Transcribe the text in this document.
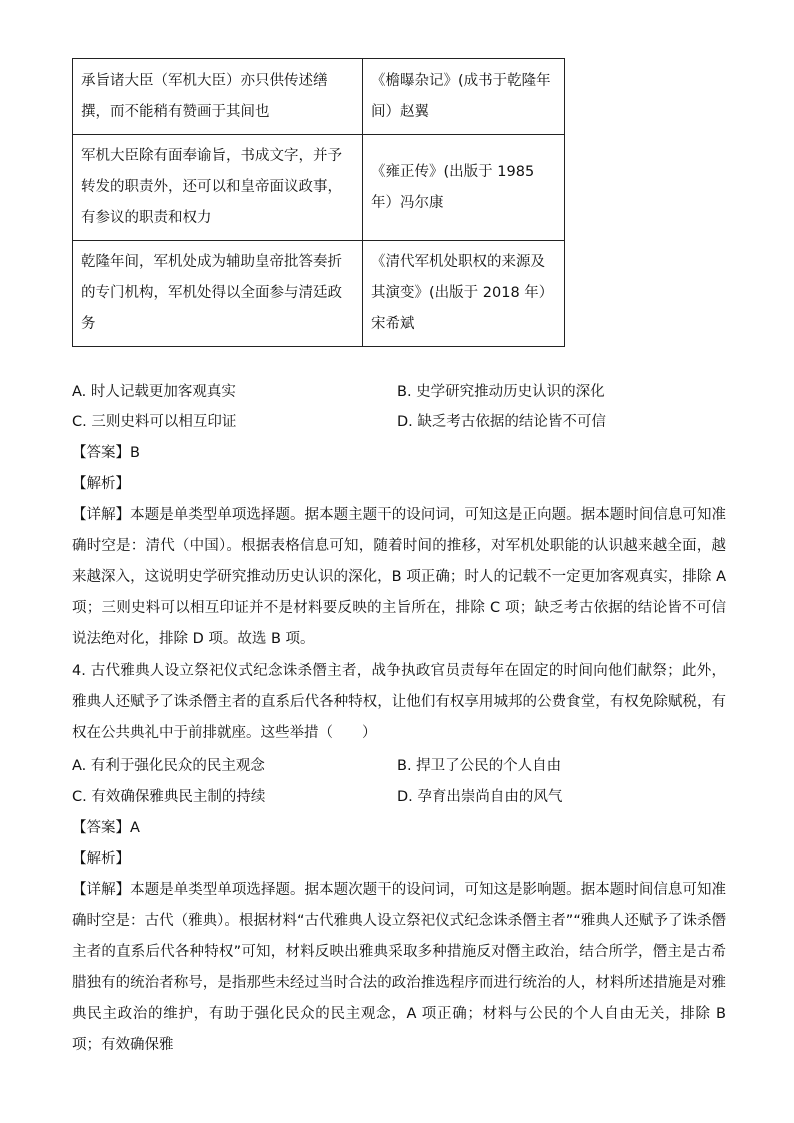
承旨诸大臣（军机大臣）亦只供传述缮撰，而不能稍有赞画于其间也	《檐曝杂记》(成书于乾隆年间）赵翼
军机大臣除有面奉谕旨，书成文字，并予转发的职责外，还可以和皇帝面议政事，有参议的职责和权力	《雍正传》(出版于 1985 年）冯尔康
乾隆年间，军机处成为辅助皇帝批答奏折的专门机构，军机处得以全面参与清廷政务	《清代军机处职权的来源及其演变》(出版于 2018 年）宋希斌
A. 时人记载更加客观真实	B. 史学研究推动历史认识的深化
C. 三则史料可以相互印证	D. 缺乏考古依据的结论皆不可信
【答案】B
【解析】
【详解】本题是单类型单项选择题。据本题主题干的设问词，可知这是正向题。据本题时间信息可知准确时空是：清代（中国）。根据表格信息可知，随着时间的推移，对军机处职能的认识越来越全面，越来越深入，这说明史学研究推动历史认识的深化，B 项正确；时人的记载不一定更加客观真实，排除 A 项；三则史料可以相互印证并不是材料要反映的主旨所在，排除 C 项；缺乏考古依据的结论皆不可信说法绝对化，排除 D 项。故选 B 项。
4. 古代雅典人设立祭祀仪式纪念诛杀僭主者，战争执政官员责每年在固定的时间向他们献祭；此外，雅典人还赋予了诛杀僭主者的直系后代各种特权，让他们有权享用城邦的公费食堂，有权免除赋税，有权在公共典礼中于前排就座。这些举措（　　）
A. 有利于强化民众的民主观念	B. 捍卫了公民的个人自由
C. 有效确保雅典民主制的持续	D. 孕育出崇尚自由的风气
【答案】A
【解析】
【详解】本题是单类型单项选择题。据本题次题干的设问词，可知这是影响题。据本题时间信息可知准确时空是：古代（雅典）。根据材料“古代雅典人设立祭祀仪式纪念诛杀僭主者”“雅典人还赋予了诛杀僭主者的直系后代各种特权”可知，材料反映出雅典采取多种措施反对僭主政治，结合所学，僭主是古希腊独有的统治者称号，是指那些未经过当时合法的政治推选程序而进行统治的人，材料所述措施是对雅典民主政治的维护，有助于强化民众的民主观念，A 项正确；材料与公民的个人自由无关，排除 B 项；有效确保雅
